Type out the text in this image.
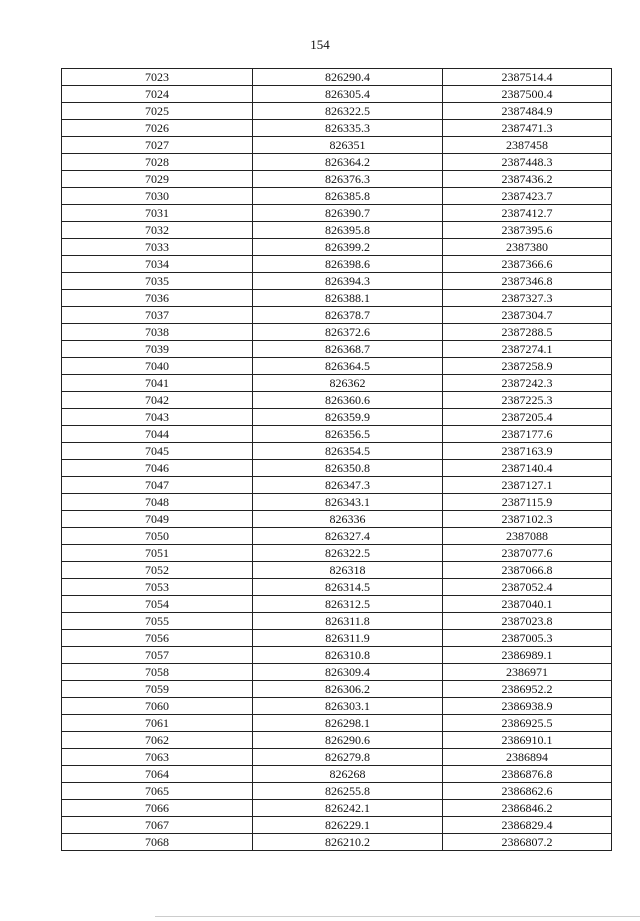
154
7023	826290.4	2387514.4
7024	826305.4	2387500.4
7025	826322.5	2387484.9
7026	826335.3	2387471.3
7027	826351	2387458
7028	826364.2	2387448.3
7029	826376.3	2387436.2
7030	826385.8	2387423.7
7031	826390.7	2387412.7
7032	826395.8	2387395.6
7033	826399.2	2387380
7034	826398.6	2387366.6
7035	826394.3	2387346.8
7036	826388.1	2387327.3
7037	826378.7	2387304.7
7038	826372.6	2387288.5
7039	826368.7	2387274.1
7040	826364.5	2387258.9
7041	826362	2387242.3
7042	826360.6	2387225.3
7043	826359.9	2387205.4
7044	826356.5	2387177.6
7045	826354.5	2387163.9
7046	826350.8	2387140.4
7047	826347.3	2387127.1
7048	826343.1	2387115.9
7049	826336	2387102.3
7050	826327.4	2387088
7051	826322.5	2387077.6
7052	826318	2387066.8
7053	826314.5	2387052.4
7054	826312.5	2387040.1
7055	826311.8	2387023.8
7056	826311.9	2387005.3
7057	826310.8	2386989.1
7058	826309.4	2386971
7059	826306.2	2386952.2
7060	826303.1	2386938.9
7061	826298.1	2386925.5
7062	826290.6	2386910.1
7063	826279.8	2386894
7064	826268	2386876.8
7065	826255.8	2386862.6
7066	826242.1	2386846.2
7067	826229.1	2386829.4
7068	826210.2	2386807.2
